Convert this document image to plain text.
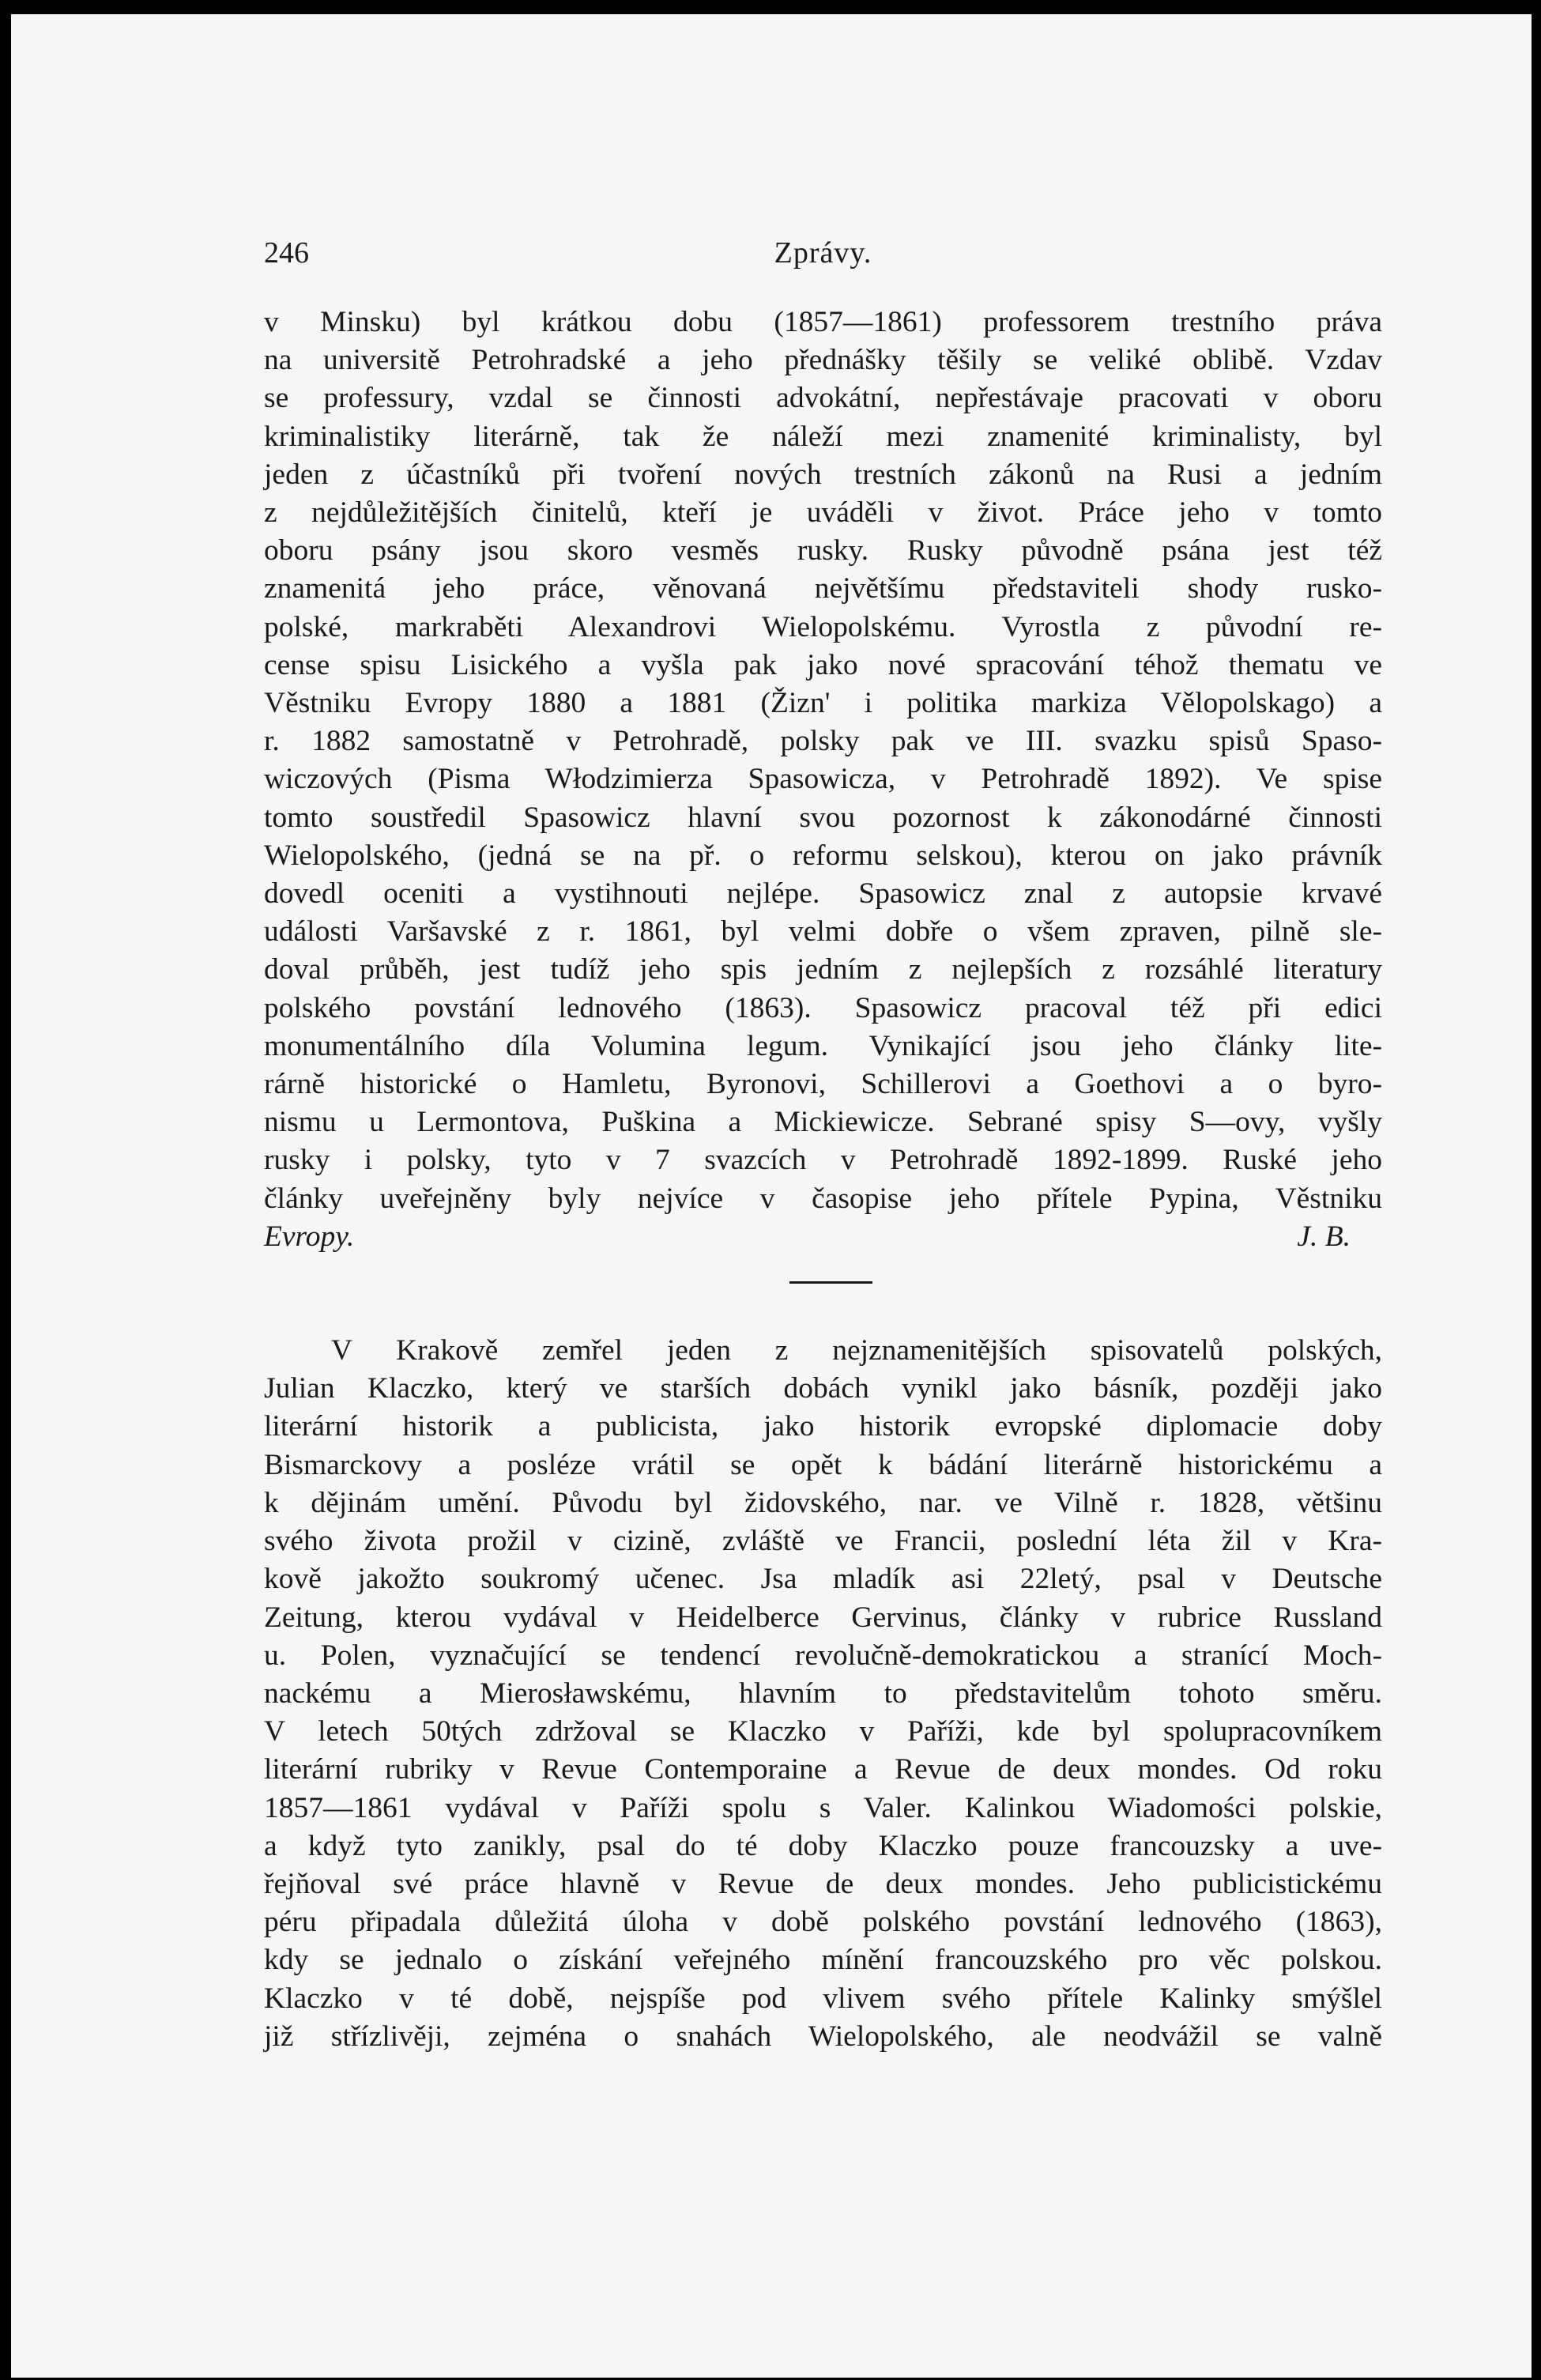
246	Zprávy.
v Minsku) byl krátkou dobu (1857—1861) professorem trestního práva
na universitě Petrohradské a jeho přednášky těšily se veliké oblibě. Vzdav
se professury, vzdal se činnosti advokátní, nepřestávaje pracovati v oboru
kriminalistiky literárně, tak že náleží mezi znamenité kriminalisty, byl
jeden z účastníků při tvoření nových trestních zákonů na Rusi a jedním
z nejdůležitějších činitelů, kteří je uváděli v život. Práce jeho v tomto
oboru psány jsou skoro vesměs rusky. Rusky původně psána jest též
znamenitá jeho práce, věnovaná největšímu představiteli shody rusko-
polské, markraběti Alexandrovi Wielopolskému. Vyrostla z původní re-
cense spisu Lisického a vyšla pak jako nové spracování téhož thematu ve
Věstniku Evropy 1880 a 1881 (Žizn' i politika markiza Vělopolskago) a
r. 1882 samostatně v Petrohradě, polsky pak ve III. svazku spisů Spaso-
wiczových (Pisma Włodzimierza Spasowicza, v Petrohradě 1892). Ve spise
tomto soustředil Spasowicz hlavní svou pozornost k zákonodárné činnosti
Wielopolského, (jedná se na př. o reformu selskou), kterou on jako právník
dovedl oceniti a vystihnouti nejlépe. Spasowicz znal z autopsie krvavé
události Varšavské z r. 1861, byl velmi dobře o všem zpraven, pilně sle-
doval průběh, jest tudíž jeho spis jedním z nejlepších z rozsáhlé literatury
polského povstání lednového (1863). Spasowicz pracoval též při edici
monumentálního díla Volumina legum. Vynikající jsou jeho články lite-
rárně historické o Hamletu, Byronovi, Schillerovi a Goethovi a o byro-
nismu u Lermontova, Puškina a Mickiewicze. Sebrané spisy S—ovy, vyšly
rusky i polsky, tyto v 7 svazcích v Petrohradě 1892-1899. Ruské jeho
články uveřejněny byly nejvíce v časopise jeho přítele Pypina, Věstniku
Evropy.	J. B.
V Krakově zemřel jeden z nejznamenitějších spisovatelů polských,
Julian Klaczko, který ve starších dobách vynikl jako básník, později jako
literární historik a publicista, jako historik evropské diplomacie doby
Bismarckovy a posléze vrátil se opět k bádání literárně historickému a
k dějinám umění. Původu byl židovského, nar. ve Vilně r. 1828, většinu
svého života prožil v cizině, zvláště ve Francii, poslední léta žil v Kra-
kově jakožto soukromý učenec. Jsa mladík asi 22letý, psal v Deutsche
Zeitung, kterou vydával v Heidelberce Gervinus, články v rubrice Russland
u. Polen, vyznačující se tendencí revolučně-demokratickou a stranící Moch-
nackému a Mierosławskému, hlavním to představitelům tohoto směru.
V letech 50tých zdržoval se Klaczko v Paříži, kde byl spolupracovníkem
literární rubriky v Revue Contemporaine a Revue de deux mondes. Od roku
1857—1861 vydával v Paříži spolu s Valer. Kalinkou Wiadomości polskie,
a když tyto zanikly, psal do té doby Klaczko pouze francouzsky a uve-
řejňoval své práce hlavně v Revue de deux mondes. Jeho publicistickému
péru připadala důležitá úloha v době polského povstání lednového (1863),
kdy se jednalo o získání veřejného mínění francouzského pro věc polskou.
Klaczko v té době, nejspíše pod vlivem svého přítele Kalinky smýšlel
již střízlivěji, zejména o snahách Wielopolského, ale neodvážil se valně
